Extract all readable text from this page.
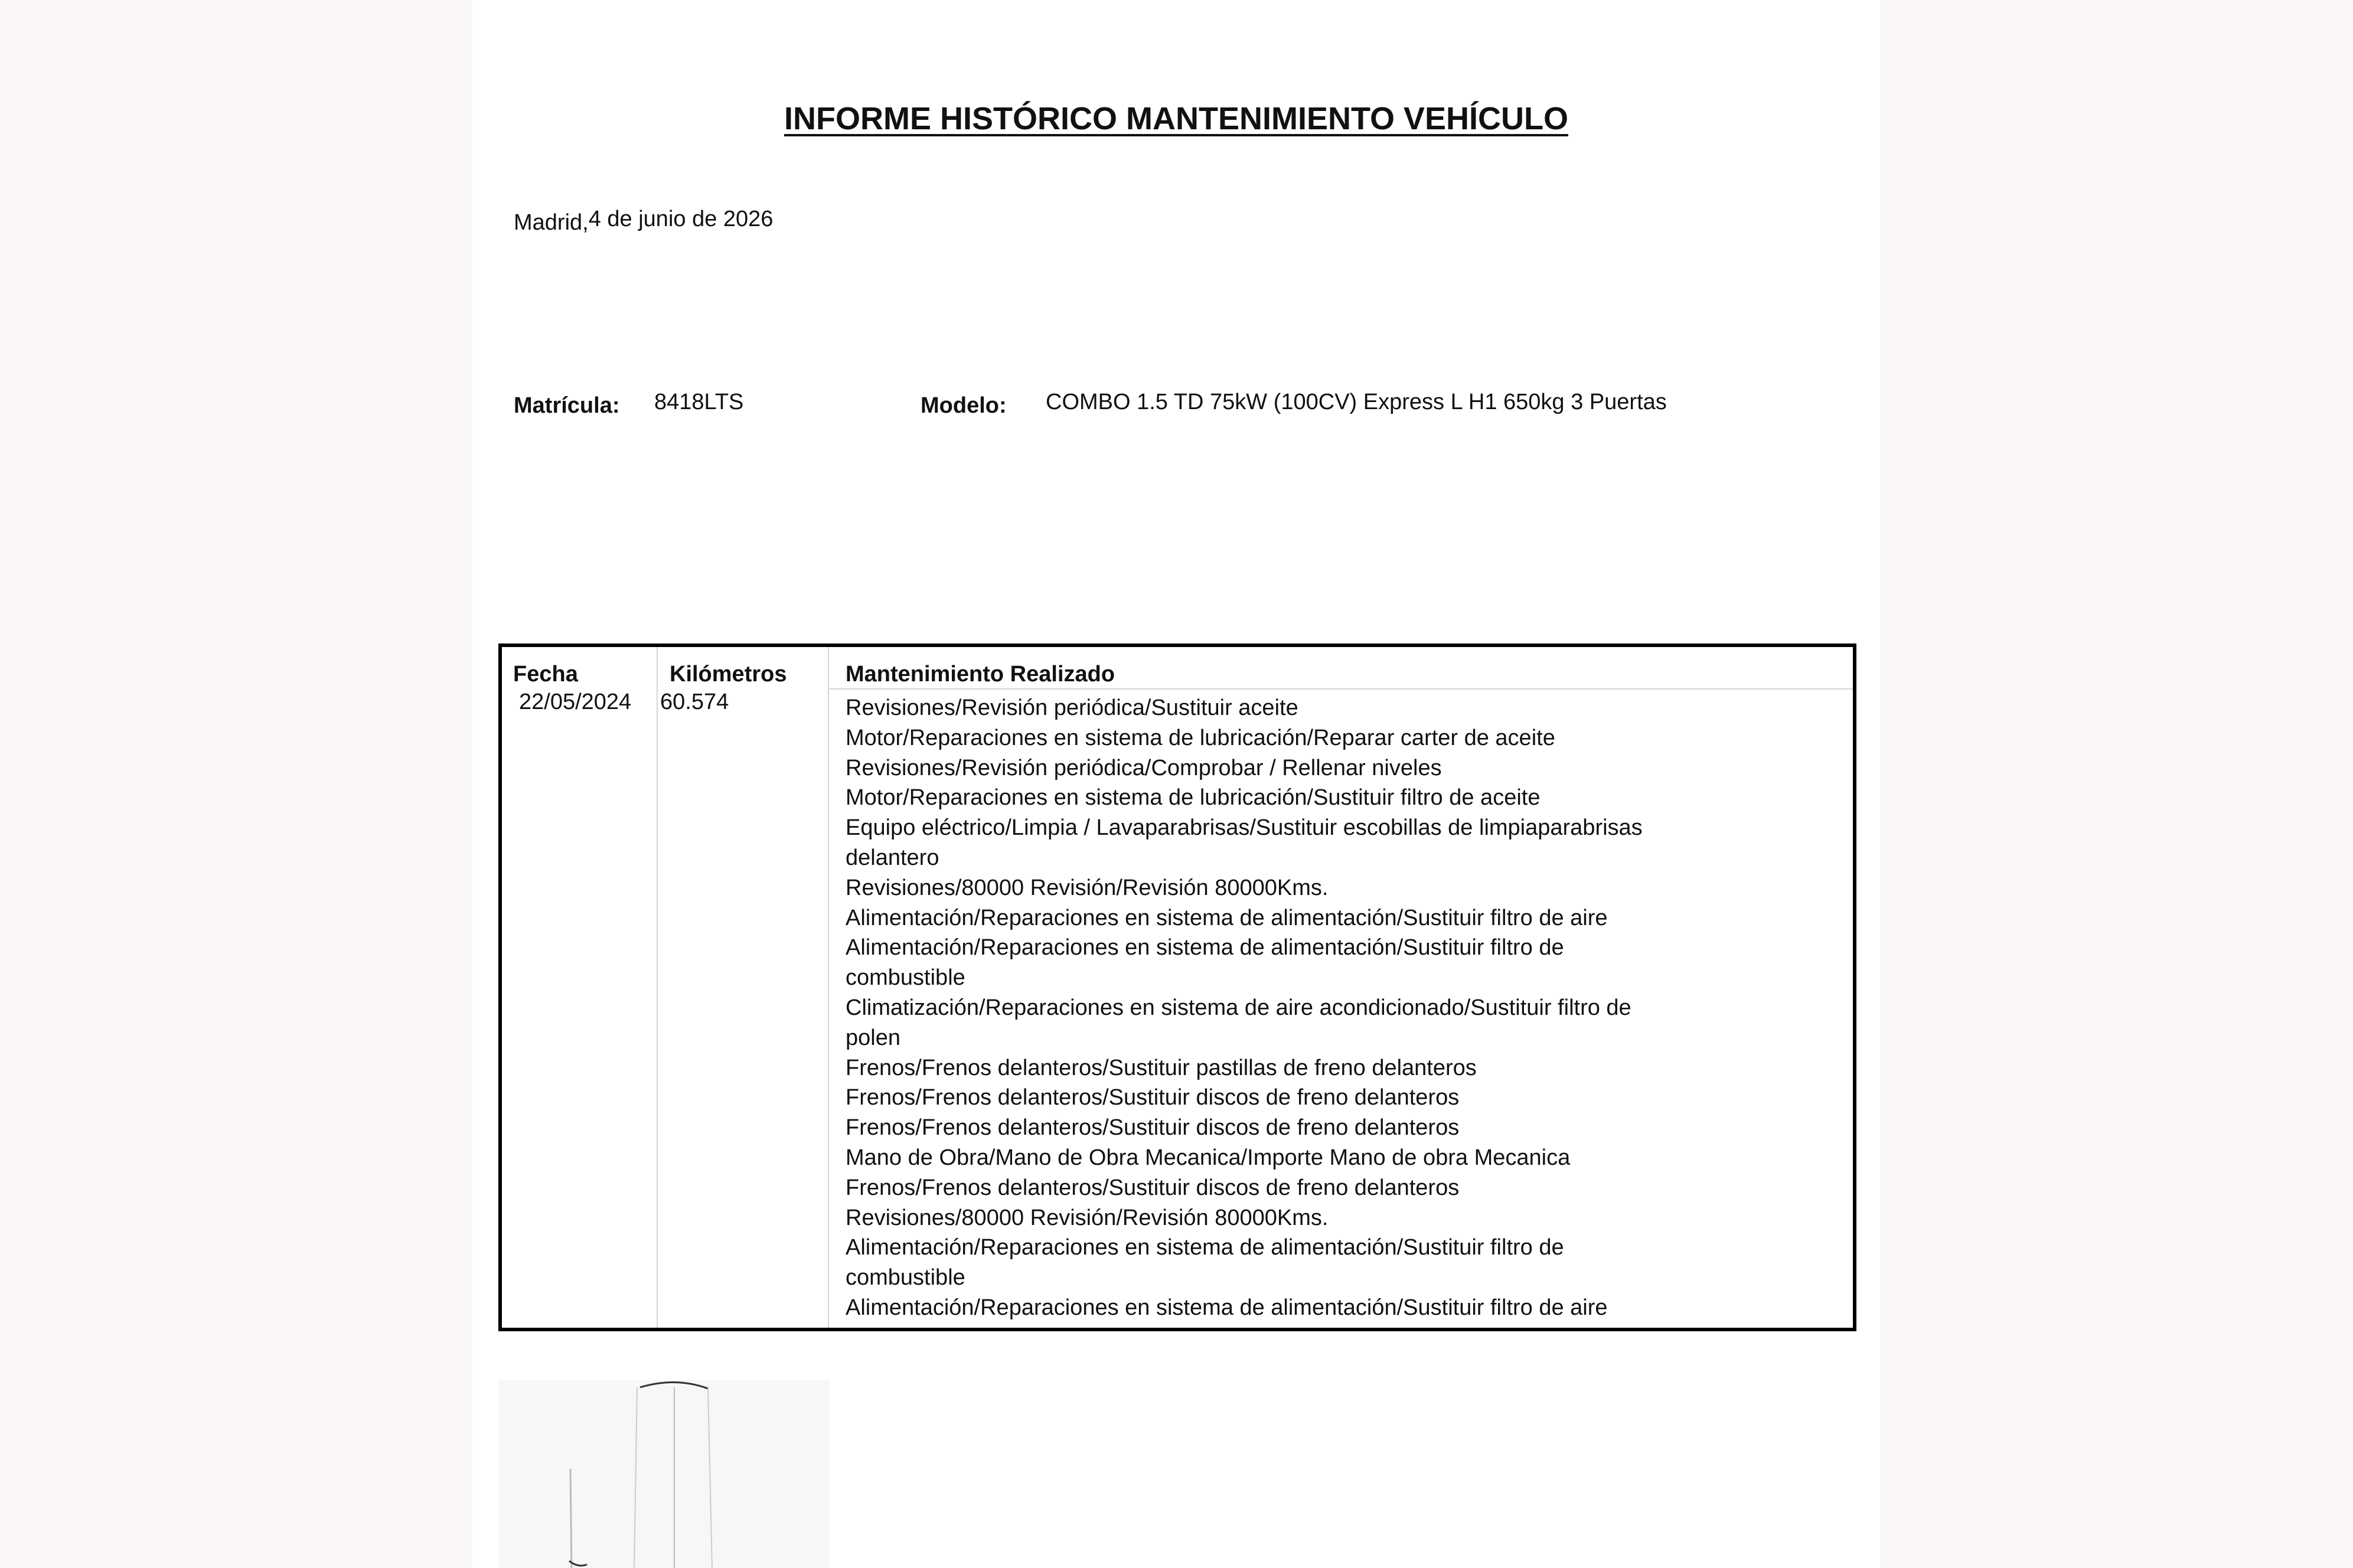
INFORME HISTÓRICO MANTENIMIENTO VEHÍCULO
Madrid,4 de junio de 2026
Matrícula: 8418LTS	Modelo: COMBO 1.5 TD 75kW (100CV) Express L H1 650kg 3 Puertas
Fecha	Kilómetros	Mantenimiento Realizado
22/05/2024 60.574	Revisiones/Revisión periódica/Sustituir aceite
Motor/Reparaciones en sistema de lubricación/Reparar carter de aceite
Revisiones/Revisión periódica/Comprobar / Rellenar niveles
Motor/Reparaciones en sistema de lubricación/Sustituir filtro de aceite
Equipo eléctrico/Limpia / Lavaparabrisas/Sustituir escobillas de limpiaparabrisas
delantero
Revisiones/80000 Revisión/Revisión 80000Kms.
Alimentación/Reparaciones en sistema de alimentación/Sustituir filtro de aire
Alimentación/Reparaciones en sistema de alimentación/Sustituir filtro de
combustible
Climatización/Reparaciones en sistema de aire acondicionado/Sustituir filtro de
polen
Frenos/Frenos delanteros/Sustituir pastillas de freno delanteros
Frenos/Frenos delanteros/Sustituir discos de freno delanteros
Frenos/Frenos delanteros/Sustituir discos de freno delanteros
Mano de Obra/Mano de Obra Mecanica/Importe Mano de obra Mecanica
Frenos/Frenos delanteros/Sustituir discos de freno delanteros
Revisiones/80000 Revisión/Revisión 80000Kms.
Alimentación/Reparaciones en sistema de alimentación/Sustituir filtro de
combustible
Alimentación/Reparaciones en sistema de alimentación/Sustituir filtro de aire
